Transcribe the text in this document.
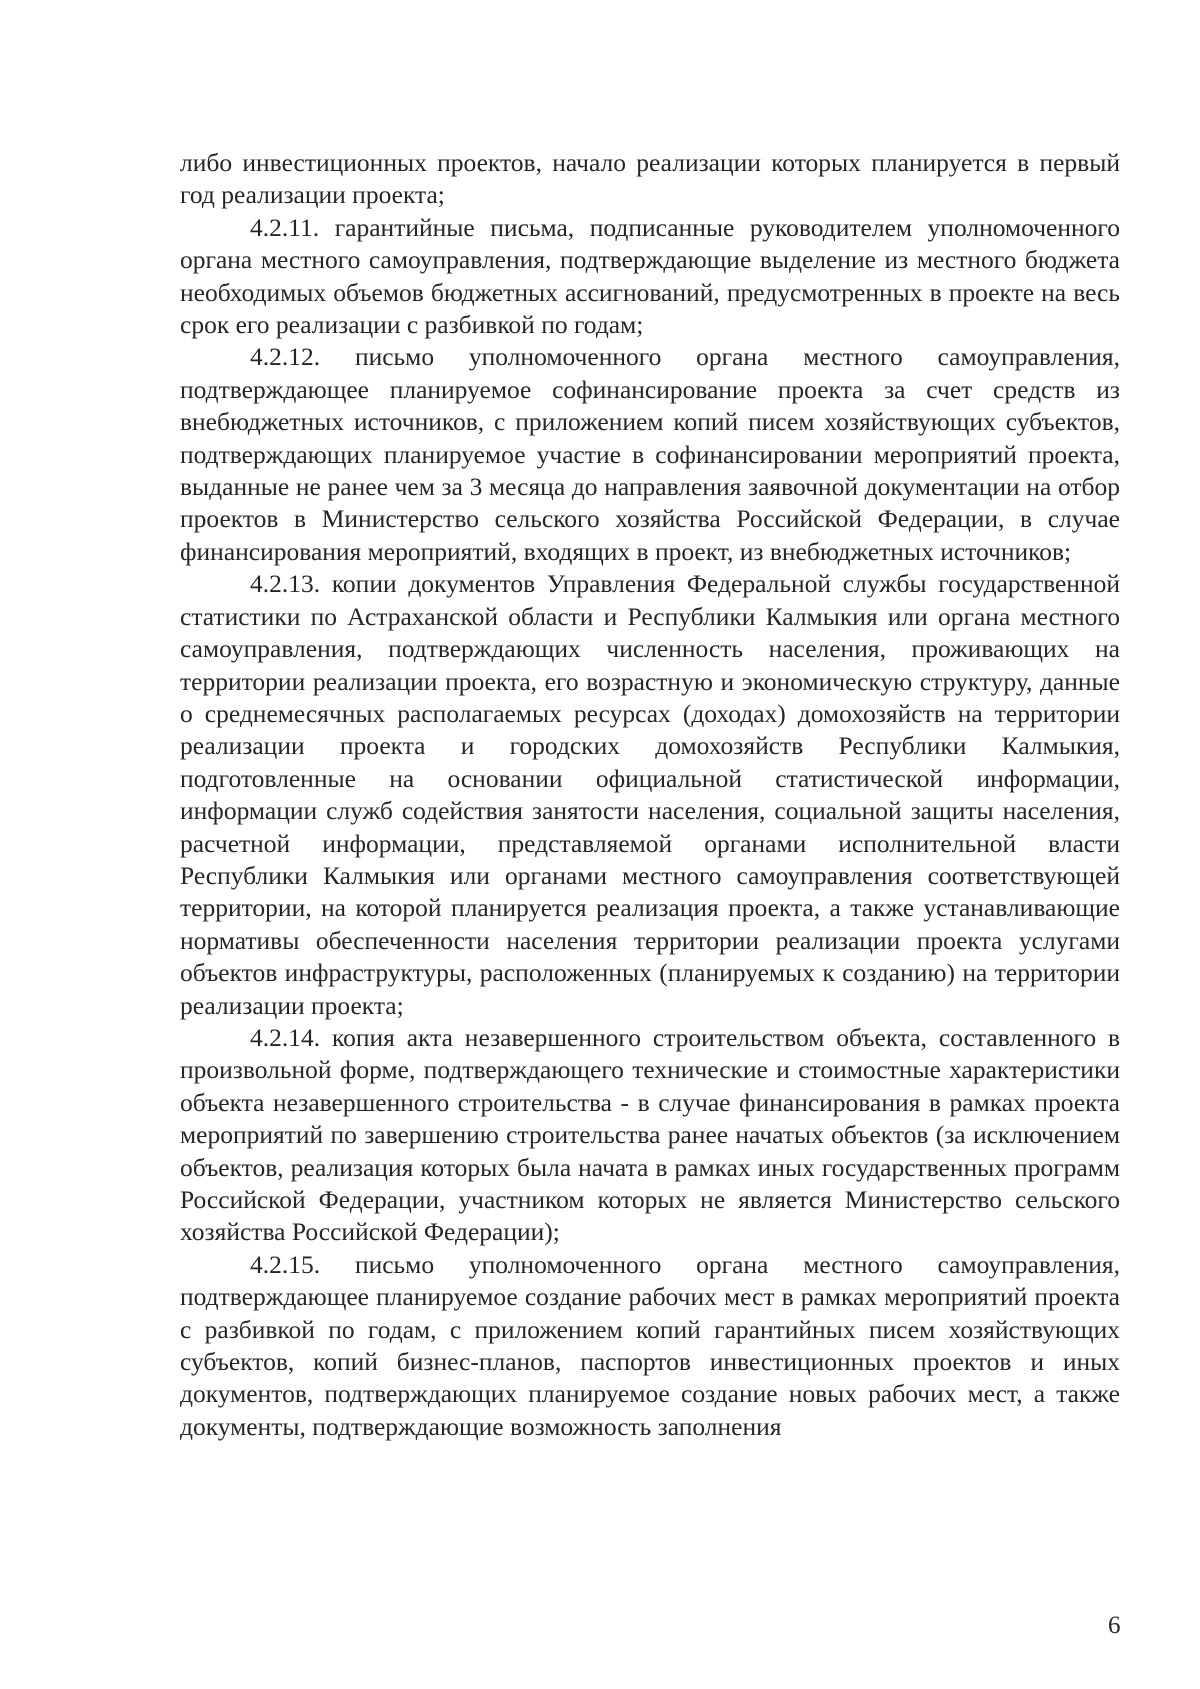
либо инвестиционных проектов, начало реализации которых планируется в первый год реализации проекта;

4.2.11. гарантийные письма, подписанные руководителем уполномоченного органа местного самоуправления, подтверждающие выделение из местного бюджета необходимых объемов бюджетных ассигнований, предусмотренных в проекте на весь срок его реализации с разбивкой по годам;

4.2.12. письмо уполномоченного органа местного самоуправления, подтверждающее планируемое софинансирование проекта за счет средств из внебюджетных источников, с приложением копий писем хозяйствующих субъектов, подтверждающих планируемое участие в софинансировании мероприятий проекта, выданные не ранее чем за 3 месяца до направления заявочной документации на отбор проектов в Министерство сельского хозяйства Российской Федерации, в случае финансирования мероприятий, входящих в проект, из внебюджетных источников;

4.2.13. копии документов Управления Федеральной службы государственной статистики по Астраханской области и Республики Калмыкия или органа местного самоуправления, подтверждающих численность населения, проживающих на территории реализации проекта, его возрастную и экономическую структуру, данные о среднемесячных располагаемых ресурсах (доходах) домохозяйств на территории реализации проекта и городских домохозяйств Республики Калмыкия, подготовленные на основании официальной статистической информации, информации служб содействия занятости населения, социальной защиты населения, расчетной информации, представляемой органами исполнительной власти Республики Калмыкия или органами местного самоуправления соответствующей территории, на которой планируется реализация проекта, а также устанавливающие нормативы обеспеченности населения территории реализации проекта услугами объектов инфраструктуры, расположенных (планируемых к созданию) на территории реализации проекта;

4.2.14. копия акта незавершенного строительством объекта, составленного в произвольной форме, подтверждающего технические и стоимостные характеристики объекта незавершенного строительства - в случае финансирования в рамках проекта мероприятий по завершению строительства ранее начатых объектов (за исключением объектов, реализация которых была начата в рамках иных государственных программ Российской Федерации, участником которых не является Министерство сельского хозяйства Российской Федерации);

4.2.15. письмо уполномоченного органа местного самоуправления, подтверждающее планируемое создание рабочих мест в рамках мероприятий проекта с разбивкой по годам, с приложением копий гарантийных писем хозяйствующих субъектов, копий бизнес-планов, паспортов инвестиционных проектов и иных документов, подтверждающих планируемое создание новых рабочих мест, а также документы, подтверждающие возможность заполнения

6
